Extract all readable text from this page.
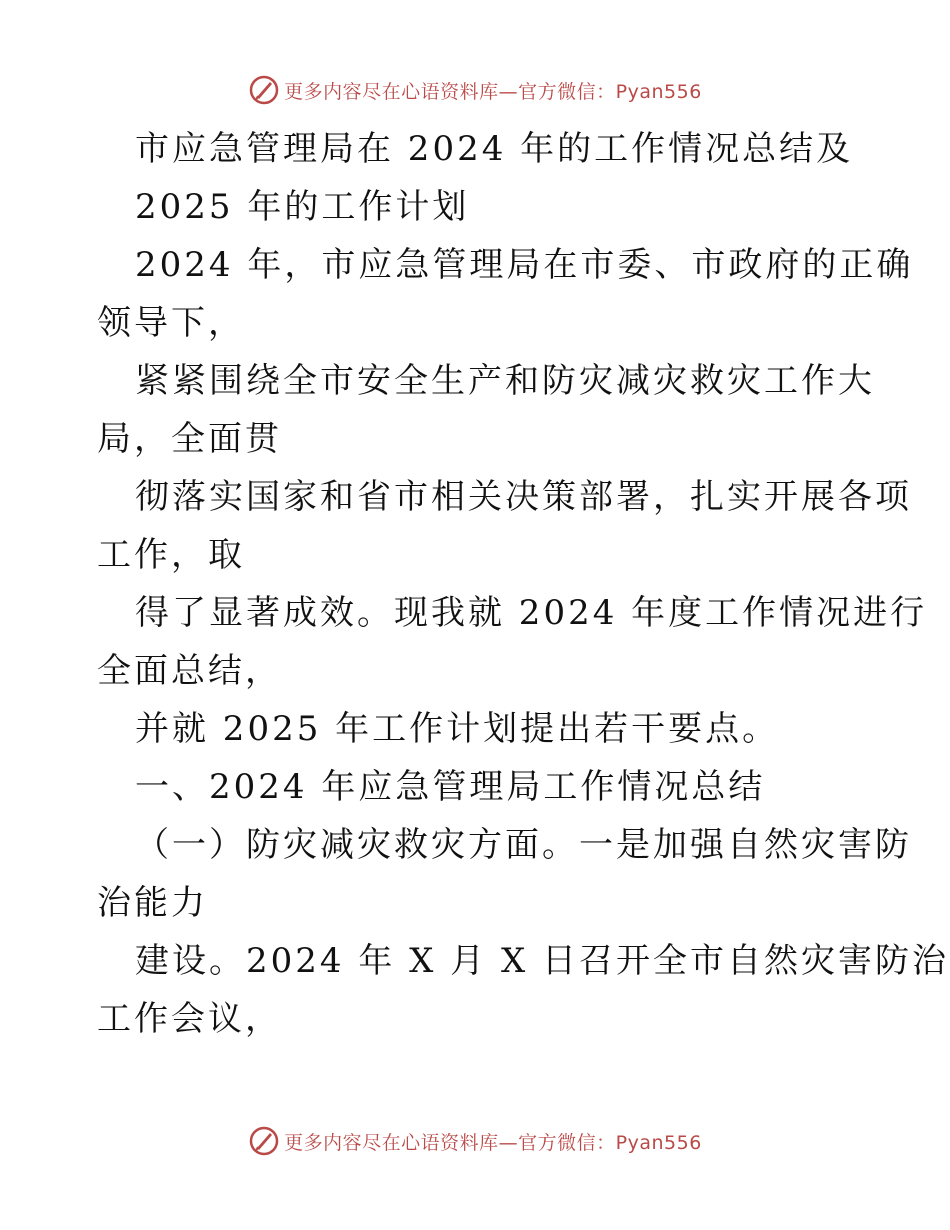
更多内容尽在心语资料库—官方微信：Pyan556
市应急管理局在 2024 年的工作情况总结及
2025 年的工作计划
2024 年，市应急管理局在市委、市政府的正确
领导下，
紧紧围绕全市安全生产和防灾减灾救灾工作大
局，全面贯
彻落实国家和省市相关决策部署，扎实开展各项
工作，取
得了显著成效。现我就 2024 年度工作情况进行
全面总结，
并就 2025 年工作计划提出若干要点。
一、2024 年应急管理局工作情况总结
（一）防灾减灾救灾方面。一是加强自然灾害防
治能力
建设。2024 年 X 月 X 日召开全市自然灾害防治
工作会议，
更多内容尽在心语资料库—官方微信：Pyan556
